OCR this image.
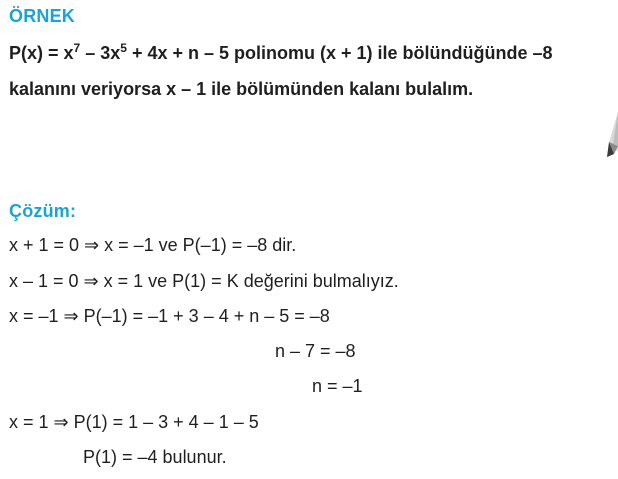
ÖRNEK
$P(x) = x^7 - 3x^5 + 4x + n - 5$ polinomu (x + 1) ile bölündüğünde –8
kalanını veriyorsa x – 1 ile bölümünden kalanı bulalım.
Çözüm:
x + 1 = 0 ⇒ x = –1 ve P(–1) = –8 dir.
x – 1 = 0 ⇒ x = 1 ve P(1) = K değerini bulmalıyız.
x = –1 ⇒ P(–1) = –1 + 3 – 4 + n – 5 = –8
n – 7 = –8
n = –1
x = 1 ⇒ P(1) = 1 – 3 + 4 – 1 – 5
P(1) = –4 bulunur.
